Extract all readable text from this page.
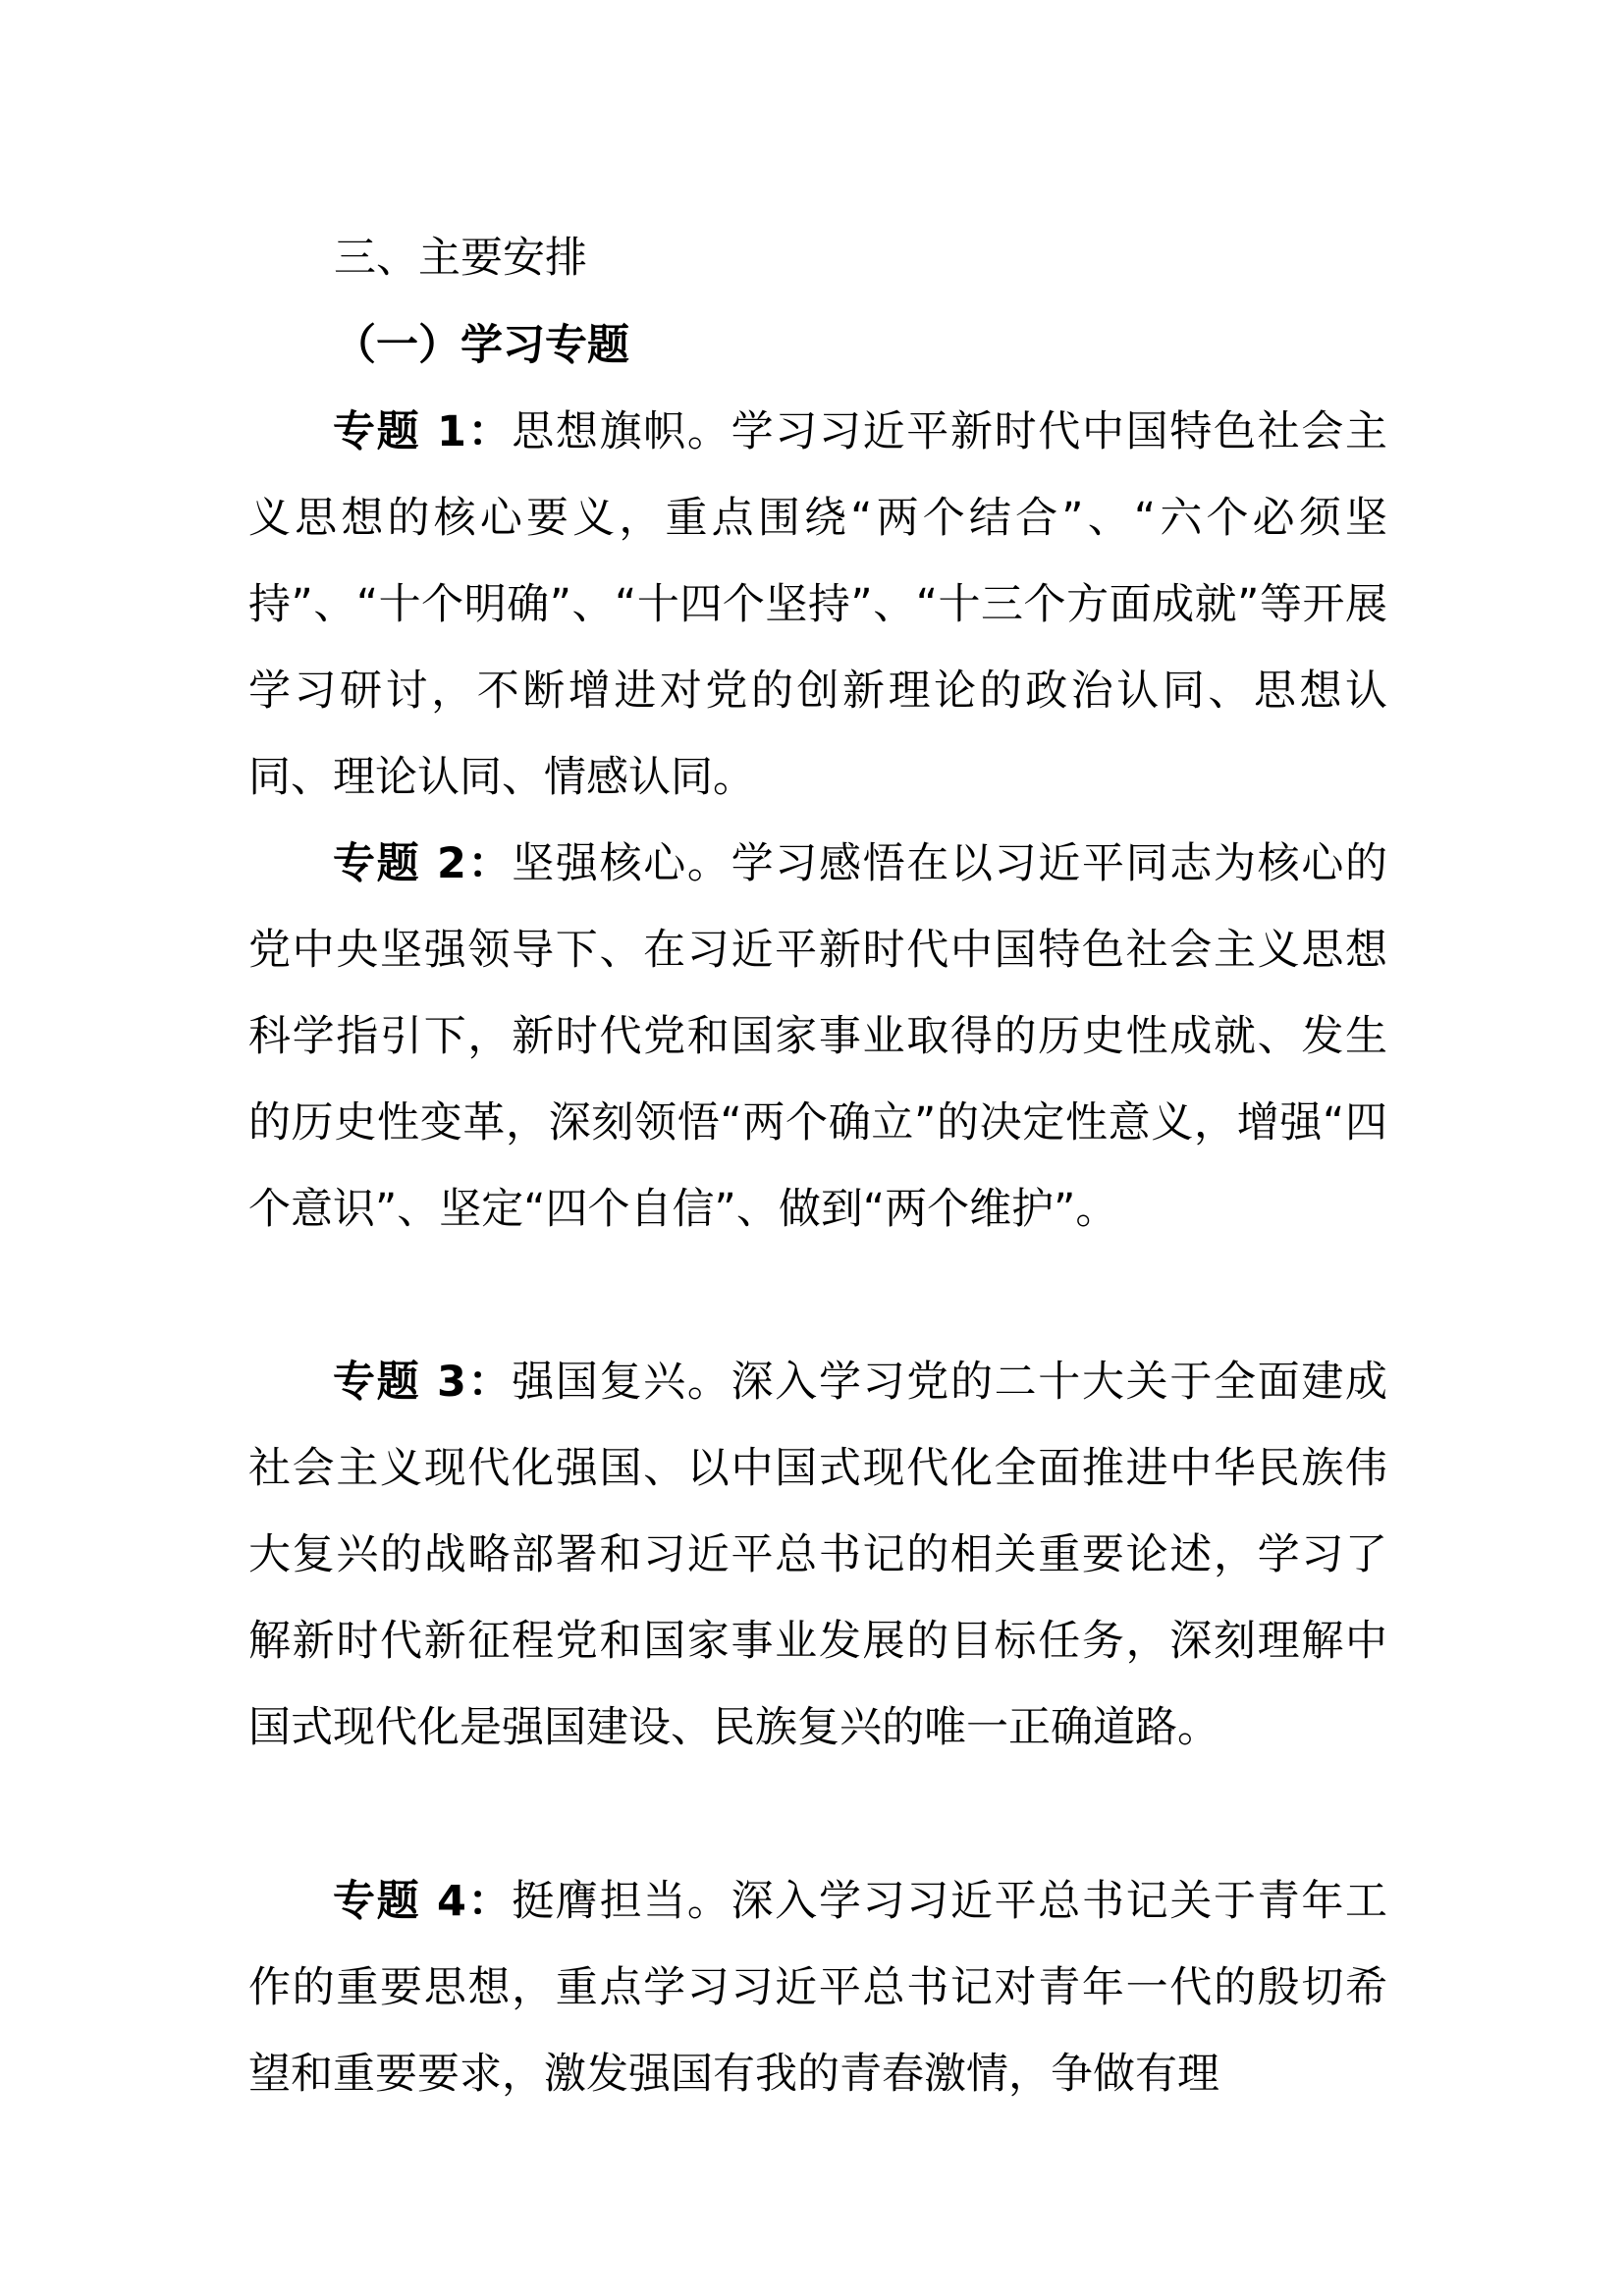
三、主要安排
（一）学习专题

专题 1：思想旗帜。学习习近平新时代中国特色社会主义思想的核心要义，重点围绕“两个结合”、“六个必须坚持”、“十个明确”、“十四个坚持”、“十三个方面成就”等开展学习研讨，不断增进对党的创新理论的政治认同、思想认同、理论认同、情感认同。

专题 2：坚强核心。学习感悟在以习近平同志为核心的党中央坚强领导下、在习近平新时代中国特色社会主义思想科学指引下，新时代党和国家事业取得的历史性成就、发生的历史性变革，深刻领悟“两个确立”的决定性意义，增强“四个意识”、坚定“四个自信”、做到“两个维护”。

专题 3：强国复兴。深入学习党的二十大关于全面建成社会主义现代化强国、以中国式现代化全面推进中华民族伟大复兴的战略部署和习近平总书记的相关重要论述，学习了解新时代新征程党和国家事业发展的目标任务，深刻理解中国式现代化是强国建设、民族复兴的唯一正确道路。

专题 4：挺膺担当。深入学习习近平总书记关于青年工作的重要思想，重点学习习近平总书记对青年一代的殷切希望和重要要求，激发强国有我的青春激情，争做有理
